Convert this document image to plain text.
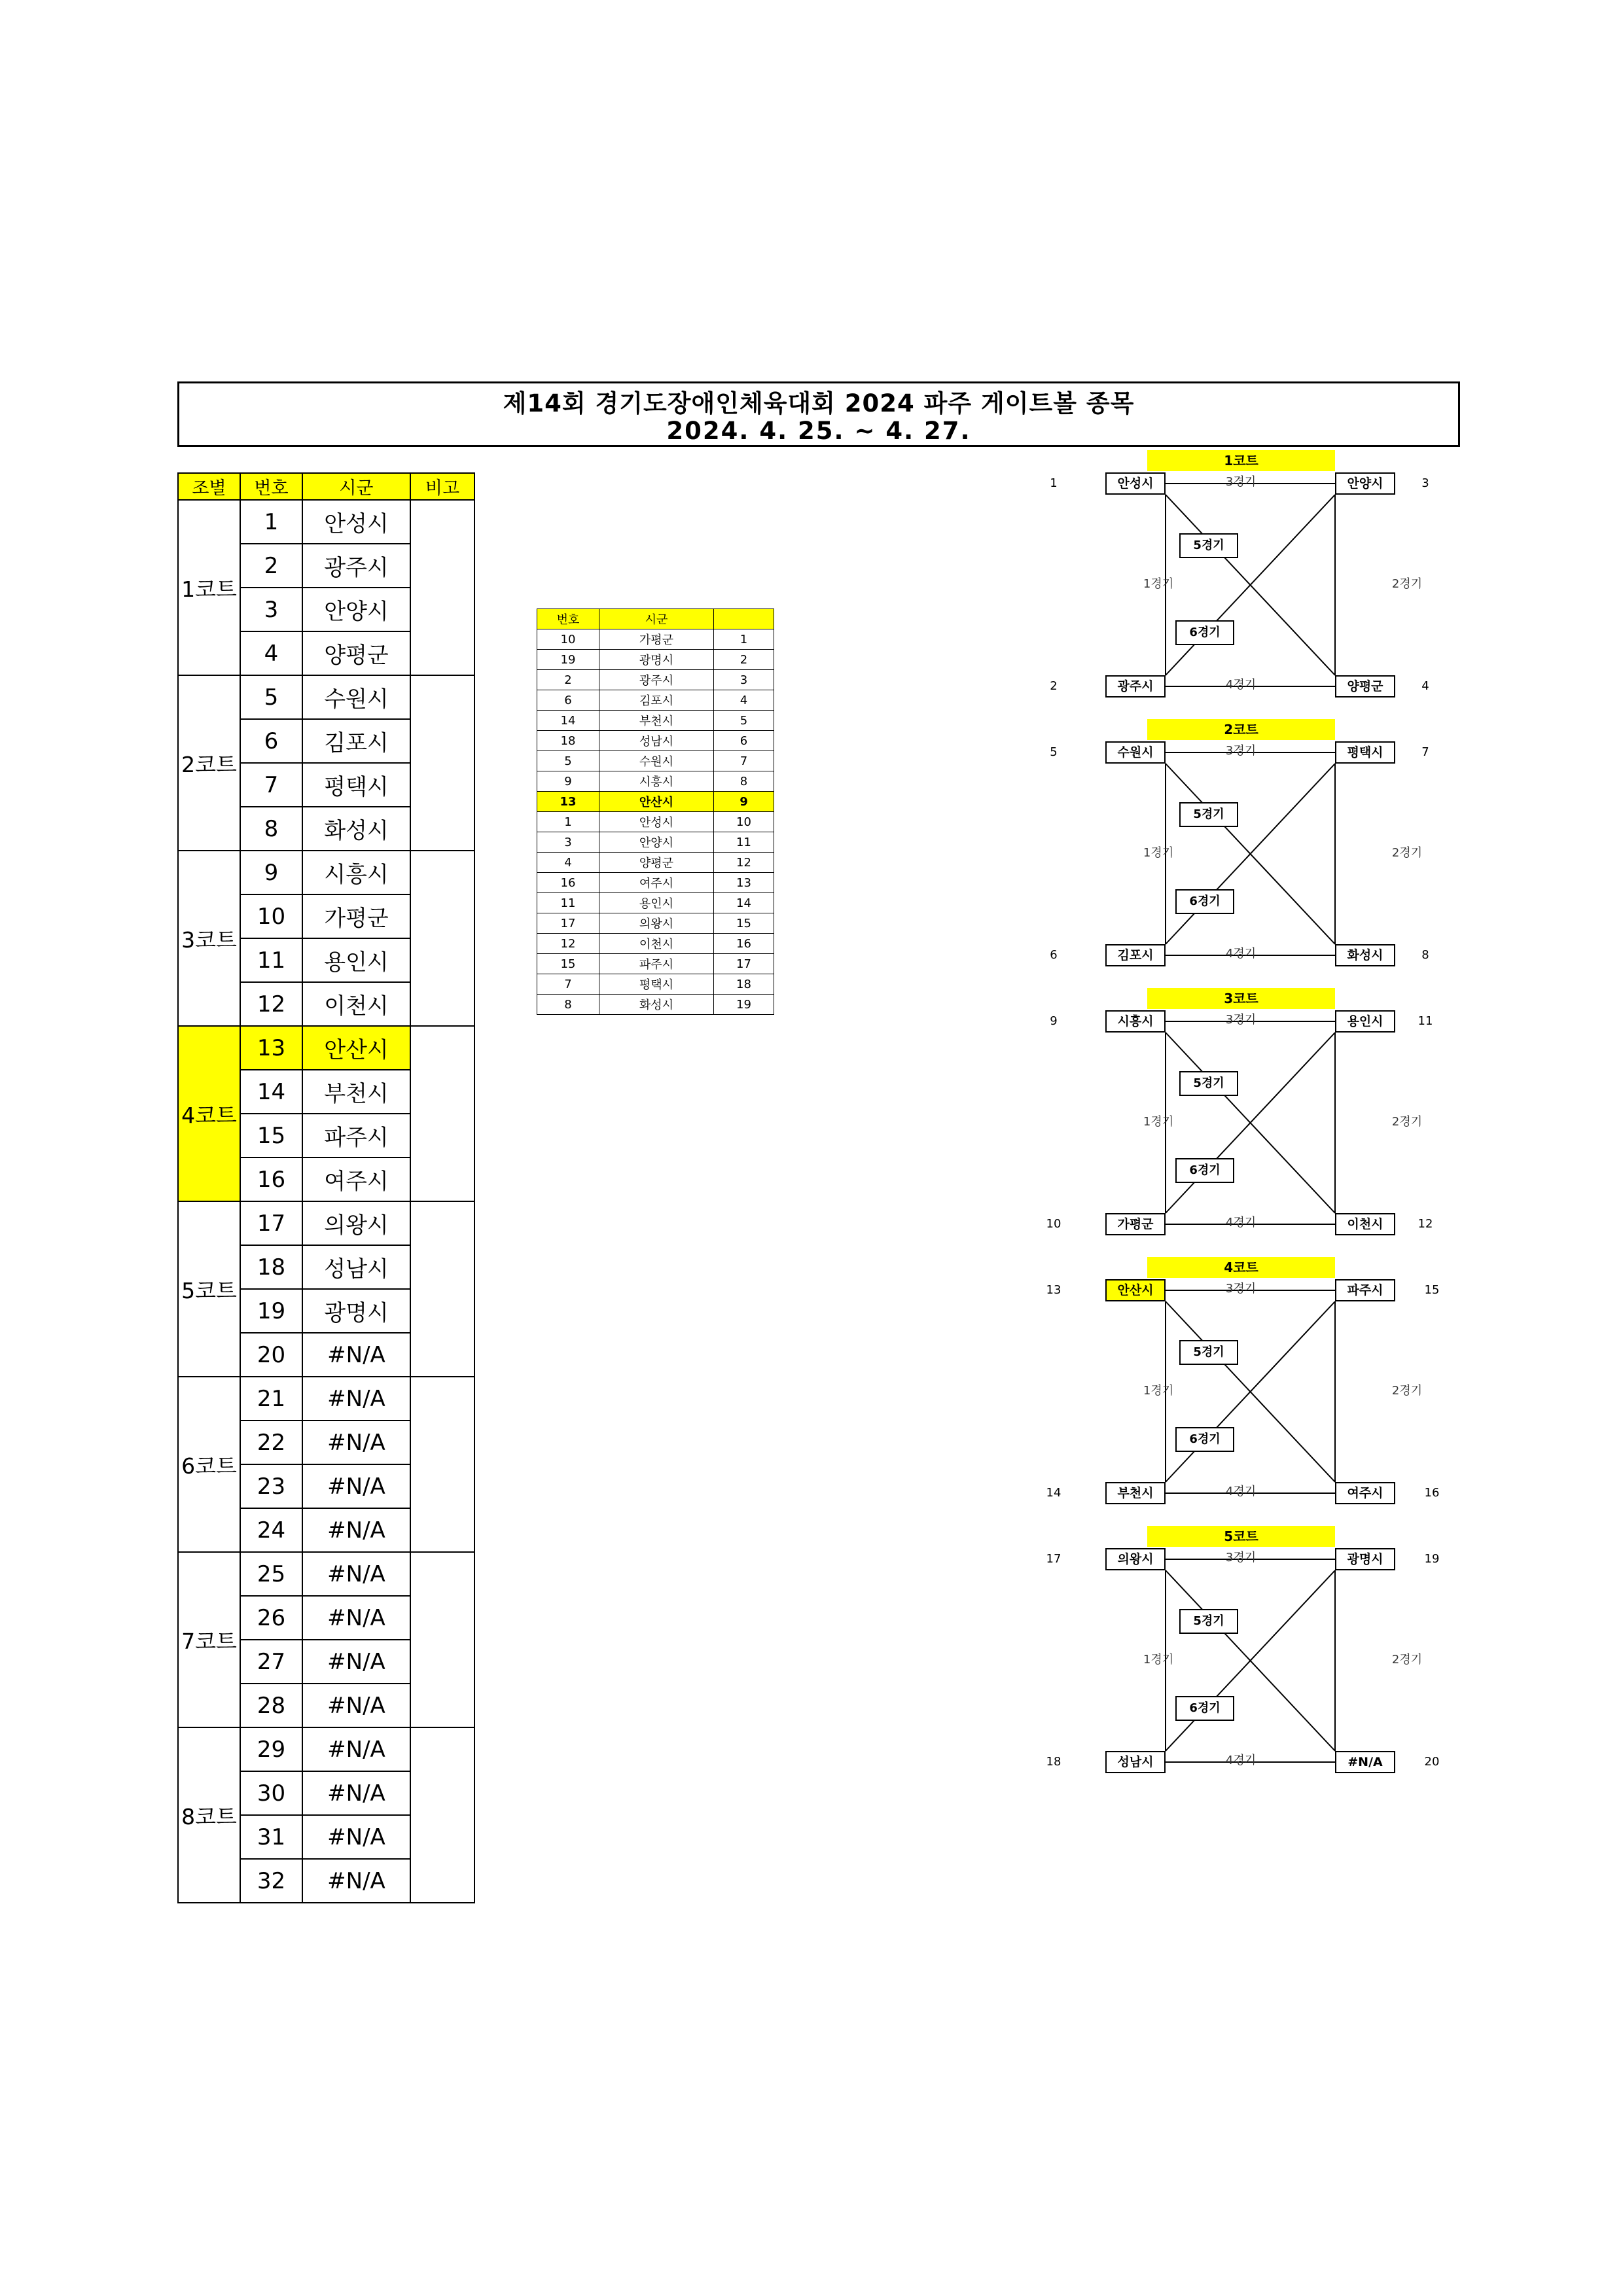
제14회 경기도장애인체육대회 2024 파주 게이트볼 종목
2024. 4. 25. ~ 4. 27.
조별	번호	시군	비고
1코트	1	안성시	
	2	광주시	
	3	안양시	
	4	양평군	
2코트	5	수원시	
	6	김포시	
	7	평택시	
	8	화성시	
3코트	9	시흥시	
	10	가평군	
	11	용인시	
	12	이천시	
4코트	13	안산시	
	14	부천시	
	15	파주시	
	16	여주시	
5코트	17	의왕시	
	18	성남시	
	19	광명시	
	20	#N/A	
6코트	21	#N/A	
	22	#N/A	
	23	#N/A	
	24	#N/A	
7코트	25	#N/A	
	26	#N/A	
	27	#N/A	
	28	#N/A	
8코트	29	#N/A	
	30	#N/A	
	31	#N/A	
	32	#N/A	
번호	시군	
10	가평군	1
19	광명시	2
2	광주시	3
6	김포시	4
14	부천시	5
18	성남시	6
5	수원시	7
9	시흥시	8
13	안산시	9
1	안성시	10
3	안양시	11
4	양평군	12
16	여주시	13
11	용인시	14
17	의왕시	15
12	이천시	16
15	파주시	17
7	평택시	18
8	화성시	19
1코트
1	안성시	안양시	3
2	광주시	양평군	4
3경기
4경기
1경기	2경기
5경기
6경기
2코트
5	수원시	평택시	7
6	김포시	화성시	8
3경기
4경기
1경기	2경기
5경기
6경기
3코트
9	시흥시	용인시	11
10	가평군	이천시	12
3경기
4경기
1경기	2경기
5경기
6경기
4코트
13	안산시	파주시	15
14	부천시	여주시	16
3경기
4경기
1경기	2경기
5경기
6경기
5코트
17	의왕시	광명시	19
18	성남시	#N/A	20
3경기
4경기
1경기	2경기
5경기
6경기
